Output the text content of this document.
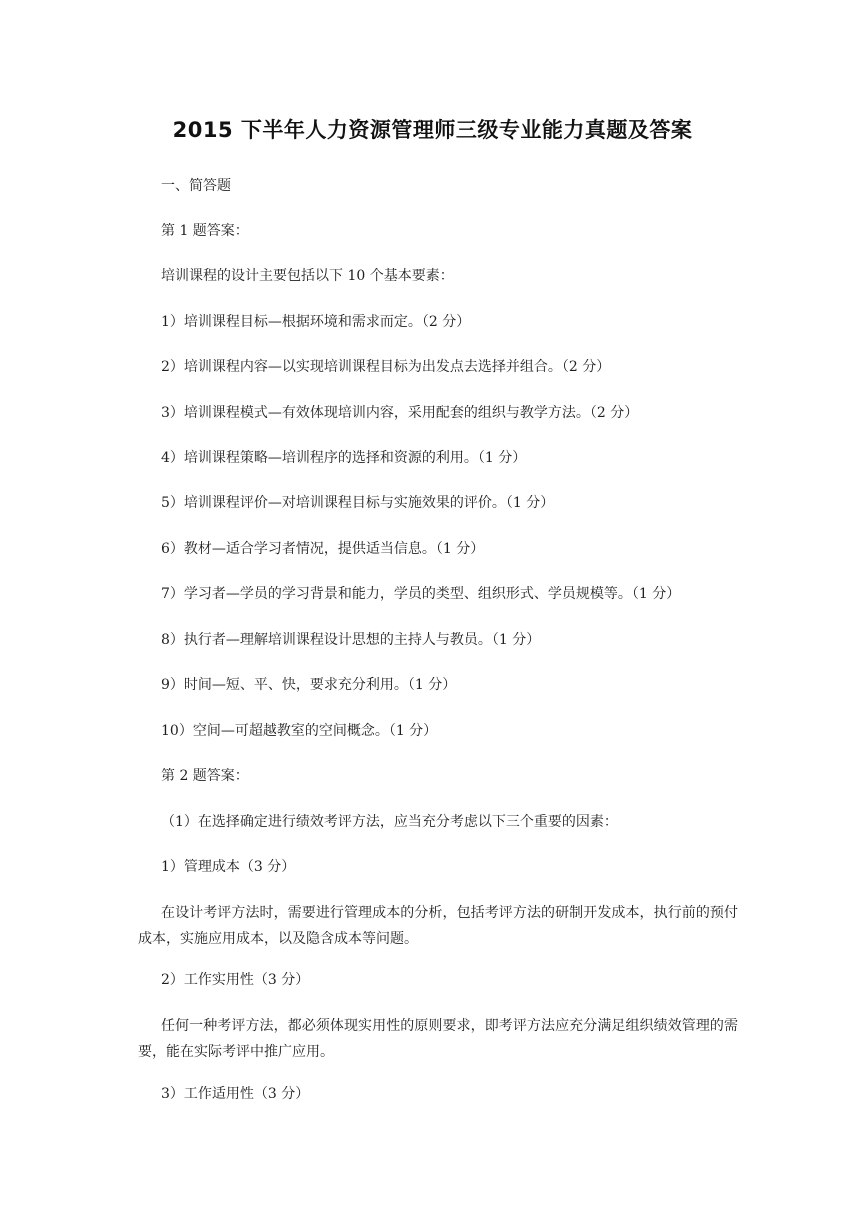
2015 下半年人力资源管理师三级专业能力真题及答案
一、简答题
第 1 题答案：
培训课程的设计主要包括以下 10 个基本要素：
1）培训课程目标—根据环境和需求而定。（2 分）
2）培训课程内容—以实现培训课程目标为出发点去选择并组合。（2 分）
3）培训课程模式—有效体现培训内容，采用配套的组织与教学方法。（2 分）
4）培训课程策略—培训程序的选择和资源的利用。（1 分）
5）培训课程评价—对培训课程目标与实施效果的评价。（1 分）
6）教材—适合学习者情况，提供适当信息。（1 分）
7）学习者—学员的学习背景和能力，学员的类型、组织形式、学员规模等。（1 分）
8）执行者—理解培训课程设计思想的主持人与教员。（1 分）
9）时间—短、平、快，要求充分利用。（1 分）
10）空间—可超越教室的空间概念。（1 分）
第 2 题答案：
（1）在选择确定进行绩效考评方法，应当充分考虑以下三个重要的因素：
1）管理成本（3 分）
在设计考评方法时，需要进行管理成本的分析，包括考评方法的研制开发成本，执行前的预付成本，实施应用成本，以及隐含成本等问题。
2）工作实用性（3 分）
任何一种考评方法，都必须体现实用性的原则要求，即考评方法应充分满足组织绩效管理的需要，能在实际考评中推广应用。
3）工作适用性（3 分）
